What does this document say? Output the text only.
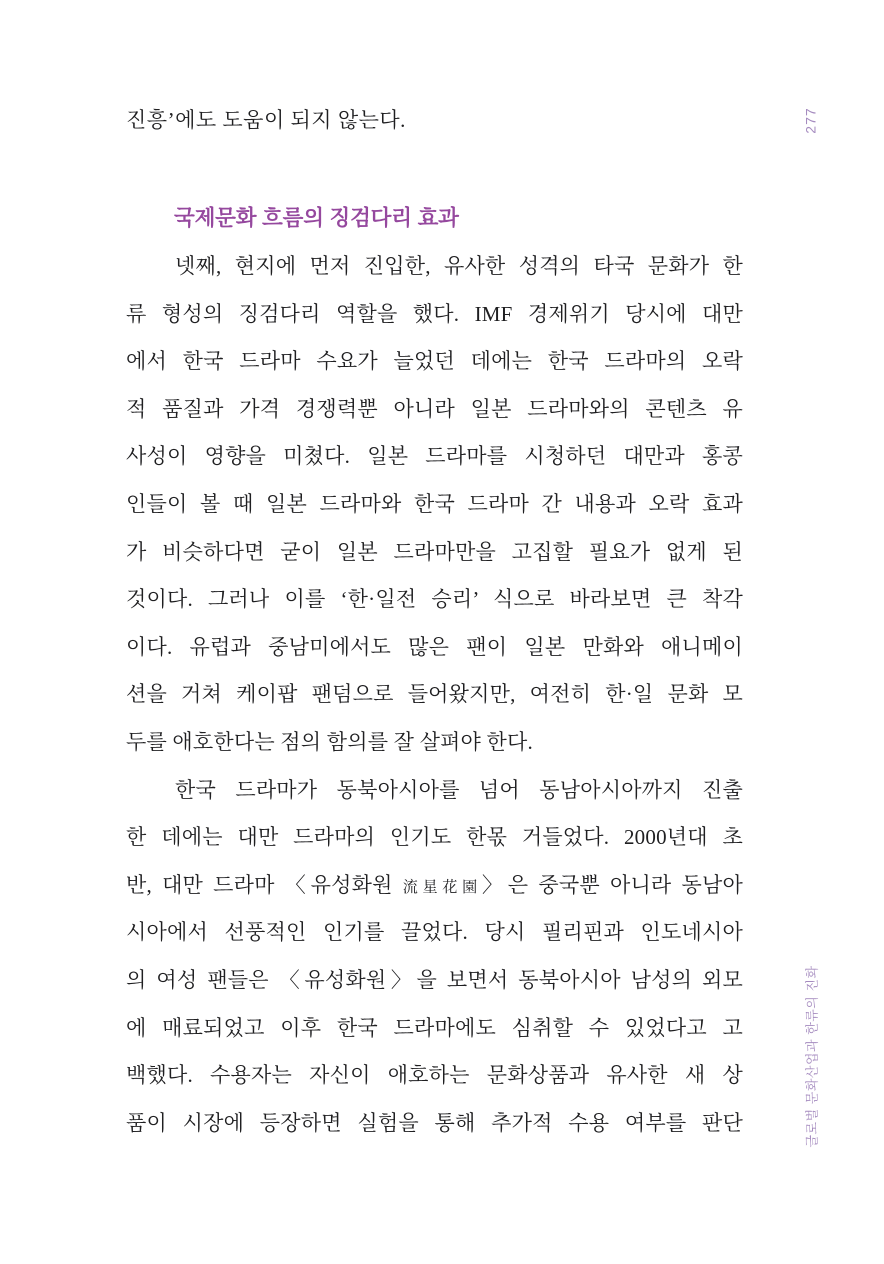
진흥’에도 도움이 되지 않는다.	277
국제문화 흐름의 징검다리 효과
넷째, 현지에 먼저 진입한, 유사한 성격의 타국 문화가 한
류 형성의 징검다리 역할을 했다. IMF 경제위기 당시에 대만
에서 한국 드라마 수요가 늘었던 데에는 한국 드라마의 오락
적 품질과 가격 경쟁력뿐 아니라 일본 드라마와의 콘텐츠 유
사성이 영향을 미쳤다. 일본 드라마를 시청하던 대만과 홍콩
인들이 볼 때 일본 드라마와 한국 드라마 간 내용과 오락 효과
가 비슷하다면 굳이 일본 드라마만을 고집할 필요가 없게 된
것이다. 그러나 이를 ‘한·일전 승리’ 식으로 바라보면 큰 착각
이다. 유럽과 중남미에서도 많은 팬이 일본 만화와 애니메이
션을 거쳐 케이팝 팬덤으로 들어왔지만, 여전히 한·일 문화 모
두를 애호한다는 점의 함의를 잘 살펴야 한다.
한국 드라마가 동북아시아를 넘어 동남아시아까지 진출
한 데에는 대만 드라마의 인기도 한몫 거들었다. 2000년대 초
반, 대만 드라마 〈유성화원 流星花園〉은 중국뿐 아니라 동남아
시아에서 선풍적인 인기를 끌었다. 당시 필리핀과 인도네시아
의 여성 팬들은 〈유성화원〉을 보면서 동북아시아 남성의 외모
에 매료되었고 이후 한국 드라마에도 심취할 수 있었다고 고
백했다. 수용자는 자신이 애호하는 문화상품과 유사한 새 상
품이 시장에 등장하면 실험을 통해 추가적 수용 여부를 판단	글로벌 문화산업과 한류의 진화
